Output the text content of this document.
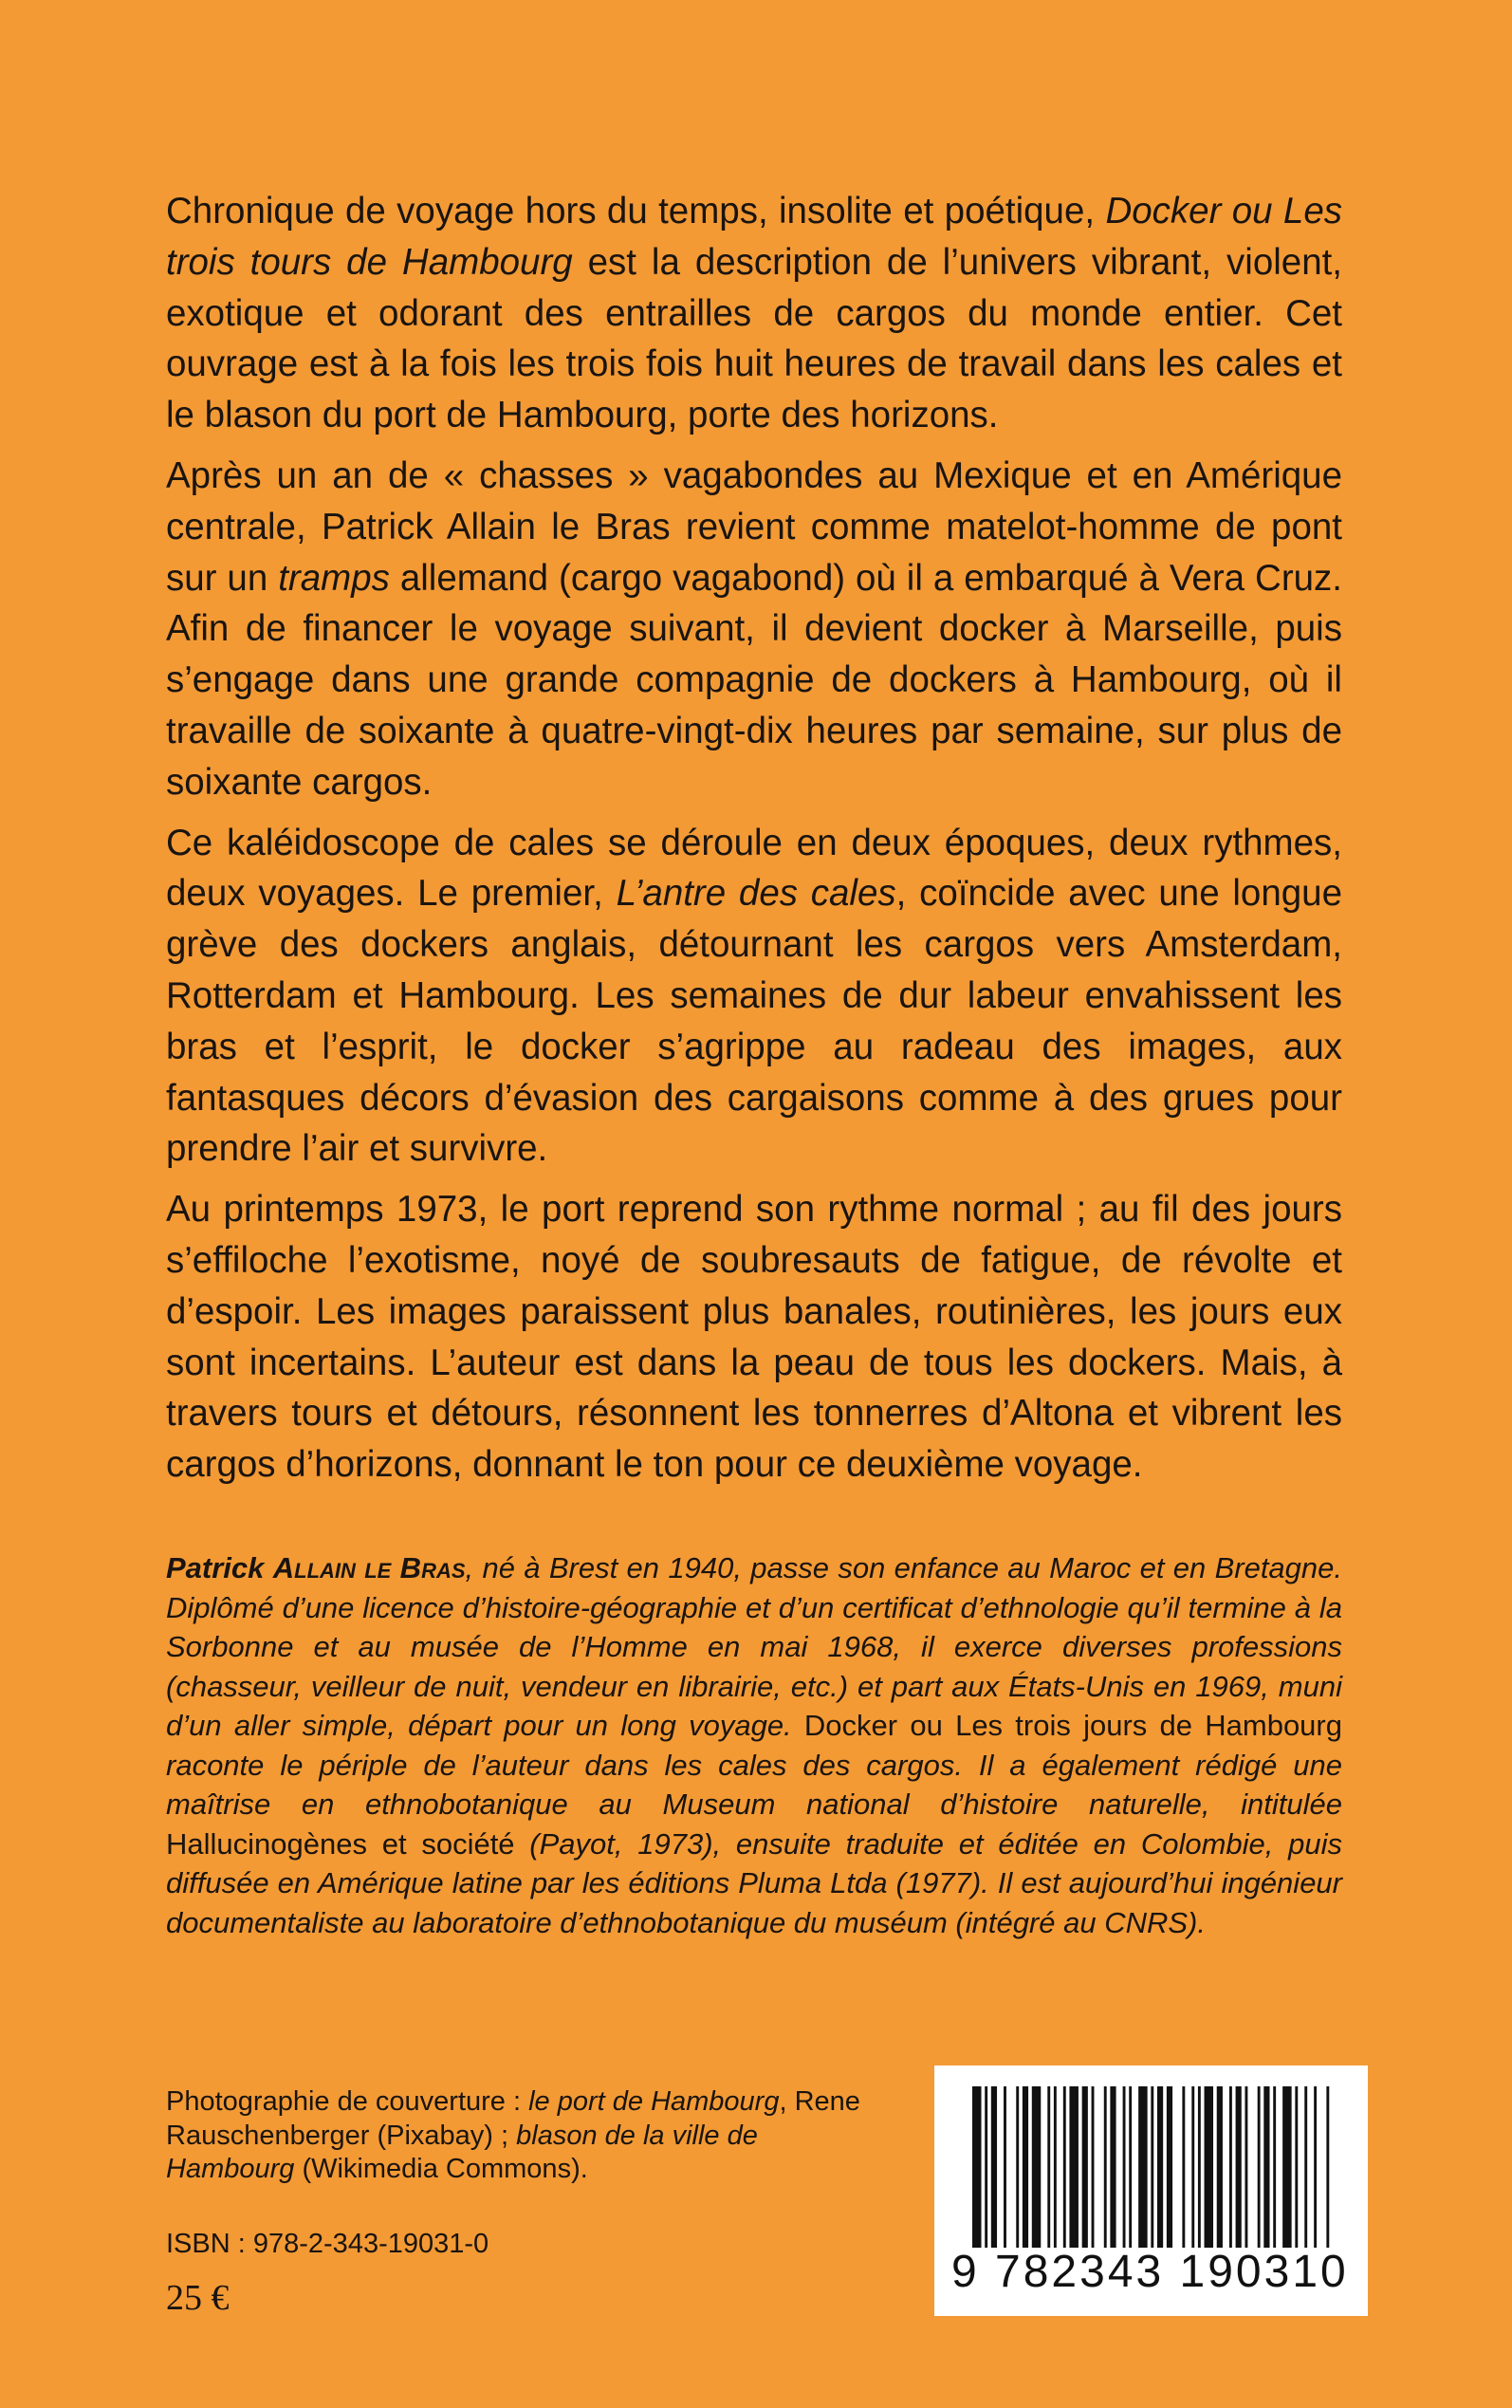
Chronique de voyage hors du temps, insolite et poétique, Docker ou Les trois tours de Hambourg est la description de l’univers vibrant, violent, exotique et odorant des entrailles de cargos du monde entier. Cet ouvrage est à la fois les trois fois huit heures de travail dans les cales et le blason du port de Hambourg, porte des horizons.

Après un an de « chasses » vagabondes au Mexique et en Amérique centrale, Patrick Allain le Bras revient comme matelot-homme de pont sur un tramps allemand (cargo vagabond) où il a embarqué à Vera Cruz. Afin de financer le voyage suivant, il devient docker à Marseille, puis s’engage dans une grande compagnie de dockers à Hambourg, où il travaille de soixante à quatre-vingt-dix heures par semaine, sur plus de soixante cargos.

Ce kaléidoscope de cales se déroule en deux époques, deux rythmes, deux voyages. Le premier, L’antre des cales, coïncide avec une longue grève des dockers anglais, détournant les cargos vers Amsterdam, Rotterdam et Hambourg. Les semaines de dur labeur envahissent les bras et l’esprit, le docker s’agrippe au radeau des images, aux fantasques décors d’évasion des cargaisons comme à des grues pour prendre l’air et survivre.

Au printemps 1973, le port reprend son rythme normal ; au fil des jours s’effiloche l’exotisme, noyé de soubresauts de fatigue, de révolte et d’espoir. Les images paraissent plus banales, routinières, les jours eux sont incertains. L’auteur est dans la peau de tous les dockers. Mais, à travers tours et détours, résonnent les tonnerres d’Altona et vibrent les cargos d’horizons, donnant le ton pour ce deuxième voyage.

Patrick Allain le Bras, né à Brest en 1940, passe son enfance au Maroc et en Bretagne. Diplômé d’une licence d’histoire-géographie et d’un certificat d’ethnologie qu’il termine à la Sorbonne et au musée de l’Homme en mai 1968, il exerce diverses professions (chasseur, veilleur de nuit, vendeur en librairie, etc.) et part aux États-Unis en 1969, muni d’un aller simple, départ pour un long voyage. Docker ou Les trois jours de Hambourg raconte le périple de l’auteur dans les cales des cargos. Il a également rédigé une maîtrise en ethnobotanique au Museum national d’histoire naturelle, intitulée Hallucinogènes et société (Payot, 1973), ensuite traduite et éditée en Colombie, puis diffusée en Amérique latine par les éditions Pluma Ltda (1977). Il est aujourd’hui ingénieur documentaliste au laboratoire d’ethnobotanique du muséum (intégré au CNRS).
Photographie de couverture : le port de Hambourg, Rene Rauschenberger (Pixabay) ; blason de la ville de Hambourg (Wikimedia Commons).
ISBN : 978-2-343-19031-0
25 €
9 782343 190310
